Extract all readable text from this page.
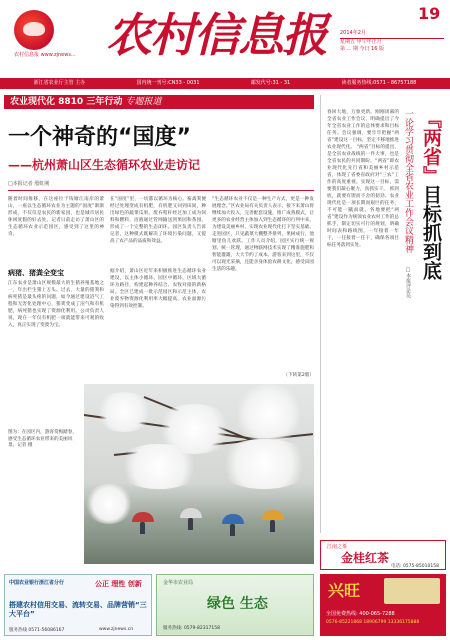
农村信息报 www.zjnews... 农村信息报	19
2014年2月
星期五 甲午年正月
第 ... 期 今日 16 版
浙江省农业厅主管 主办	国内统一刊号:CN33 - 0031	邮发代号:31 - 31	读者服务热线:0571 - 86757188
农业现代化 8810 三年行动 专题报道
一个神奇的“国度”
——杭州萧山区生态循环农业走访记
□本报记者 殷虹刚
随着时间推移，在这座位于钱塘江南岸的萧山，一座以生态循环农业为主题的“国度”渐渐形成，不仅仅是农民的新家园，也是城市居民休闲度假的好去处。记者日前走访了萧山区的生态循环农业示范园区，感受到了这里的神奇。
在“国度”里，一切都以循环为核心。畜禽粪便经过处理变成有机肥，有机肥又回到田间，种出绿色的蔬菜瓜果。废弃秸秆经过加工成为饲料和燃料，沼液通过管网输送到果园和茶园，形成了一个完整的生态闭环。园区负责人告诉记者，这种模式既解决了环境污染问题，又提高了农产品的品质和效益。
“生态循环农业不仅是一种生产方式，更是一种发展理念。”区农业局有关负责人表示，接下来萧山将继续加大投入，完善配套设施，推广成熟模式，让更多的农业经营主体加入到生态循环的行列中来，为建设美丽乡村、实现农业现代化打下坚实基础。 走进园区，只见蔬菜大棚整齐排列，果树成行，池塘里鱼儿欢跃。工作人员介绍，园区实行统一规划、统一管理，通过物联网技术实现了精准施肥和智能灌溉，大大节约了成本。游客来到这里，不仅可以观光采摘，还能亲身体验农耕文化，感受田园生活的乐趣。
病猪、猪粪全变宝
江东农业是萧山区规模最大的生猪养殖基地之一，年出栏生猪上万头。过去，大量的猪粪和病死猪是最头疼的问题，如今通过建设沼气工程和无害化处理中心，猪粪变成了沼气和有机肥，病死猪也实现了资源化利用。公司负责人说，现在一年仅有机肥一项就能带来可观的收入，真正实现了变废为宝。
据介绍，萧山区近年来积极推进生态循环农业建设，以主体小循环、园区中循环、区域大循环为路径，构建起种养结合、农牧对接的新格局。全区已建成一批示范园区和示范主体，农业废弃物资源化利用率大幅提高，农业面源污染得到有效控制。
（下转第2版）
图为：在园区内，游客赏梅踏春，感受生态循环农业带来的美丽风景。记者 摄
『两省』目标抓到底
一论学习贯彻全省农业工作会议精神
□本报评论员
春回大地，万象更新。刚刚闭幕的全省农业工作会议，明确提出了今年全省农业工作的总体要求和目标任务。会议强调，要牢牢把握“两省”建设这一目标，坚定不移地推进农业现代化。 “两省”目标的提出，是全省农业战线的一件大事，也是全省农民的共同期盼。“两省”即农业现代化先行省和美丽乡村示范省，体现了省委省政府对“三农”工作的高度重视。实现这一目标，需要我们凝心聚力，真抓实干。 抓到底，就要有锲而不舍的韧劲。农业现代化是一项长期而艰巨的任务，不可能一蹴而就。各地要把“两省”建设作为统领农业农村工作的总抓手，制定切实可行的规划，明确时间表和路线图，一年接着一年干，一任接着一任干，确保各项目标任务落到实处。
江南之茶
金桂红茶
电话: 0575-85010158
中国农业银行浙江省分行	公正 理性 创新
搭建农村信用交易、流转交易、品牌营销“三大平台”
服务热线 0571-56086167	www.zjnews.cn
金华市农业局
绿色 生态
服务热线: 0579-82317158
兴旺
全国免费热线: 400-065-7288
0576-85221868 18906799 13336175888
